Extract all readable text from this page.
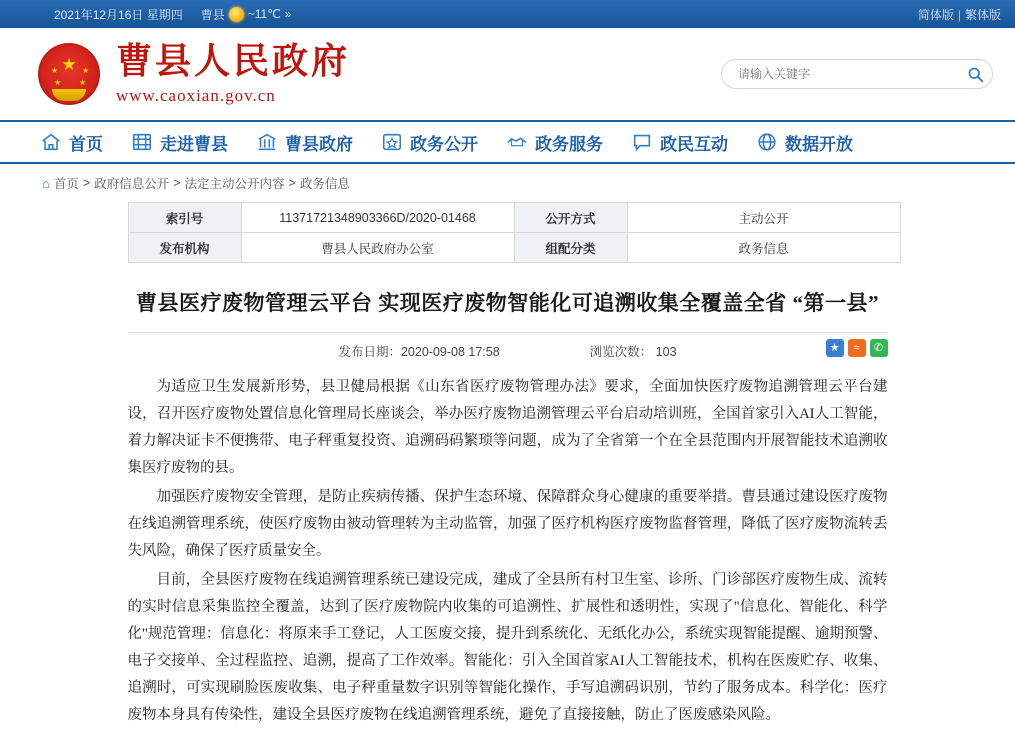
2021年12月16日 星期四 曹县 ~11℃ »	简体版 | 繁体版
★
★	★
★ ★
曹县人民政府
www.caoxian.gov.cn
请输入关键字
首页	走进曹县	曹县政府	政务公开	政务服务	政民互动	数据开放
⌂ 首页 > 政府信息公开 > 法定主动公开内容 > 政务信息
索引号	11371721348903366D/2020-01468	公开方式	主动公开
发布机构	曹县人民政府办公室	组配分类	政务信息
曹县医疗废物管理云平台 实现医疗废物智能化可追溯收集全覆盖全省 “第一县”
发布日期：2020-09-08 17:58	浏览次数： 103	★	≈	✆

为适应卫生发展新形势，县卫健局根据《山东省医疗废物管理办法》要求，全面加快医疗废物追溯管理云平台建设，召开医疗废物处置信息化管理局长座谈会，举办医疗废物追溯管理云平台启动培训班，全国首家引入AI人工智能，着力解决证卡不便携带、电子秤重复投资、追溯码码繁琐等问题，成为了全省第一个在全县范围内开展智能技术追溯收集医疗废物的县。

加强医疗废物安全管理，是防止疾病传播、保护生态环境、保障群众身心健康的重要举措。曹县通过建设医疗废物在线追溯管理系统，使医疗废物由被动管理转为主动监管，加强了医疗机构医疗废物监督管理，降低了医疗废物流转丢失风险，确保了医疗质量安全。

目前，全县医疗废物在线追溯管理系统已建设完成，建成了全县所有村卫生室、诊所、门诊部医疗废物生成、流转的实时信息采集监控全覆盖，达到了医疗废物院内收集的可追溯性、扩展性和透明性，实现了"信息化、智能化、科学化"规范管理：信息化：将原来手工登记，人工医废交接，提升到系统化、无纸化办公，系统实现智能提醒、逾期预警、电子交接单、全过程监控、追溯，提高了工作效率。智能化：引入全国首家AI人工智能技术，机构在医废贮存、收集、追溯时，可实现刷脸医废收集、电子秤重量数字识别等智能化操作，手写追溯码识别，节约了服务成本。科学化：医疗废物本身具有传染性，建设全县医疗废物在线追溯管理系统，避免了直接接触，防止了医废感染风险。
